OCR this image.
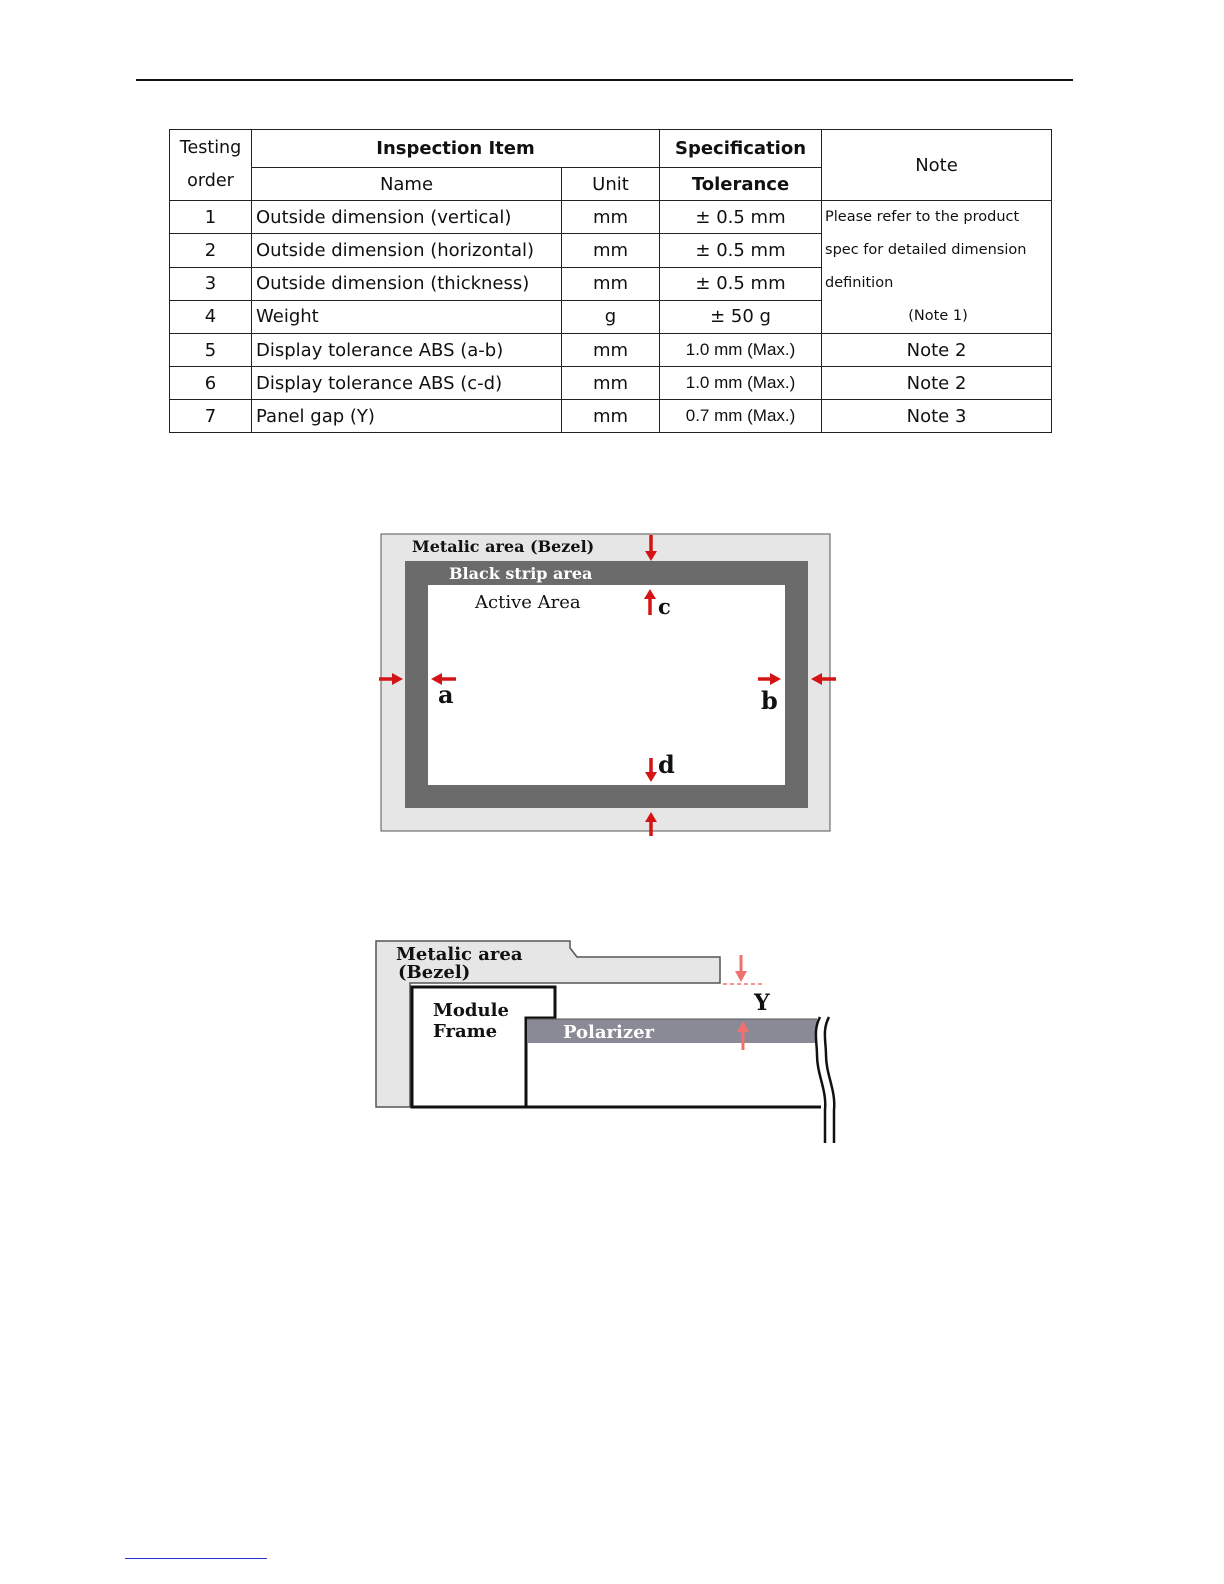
Testing
order	Inspection Item		Specification	Note
	Name	Unit	Tolerance	
1	Outside dimension (vertical)	mm	± 0.5 mm	Please refer to the product
spec for detailed dimension
definition
(Note 1)

2	Outside dimension (horizontal)	mm	± 0.5 mm	
3	Outside dimension (thickness)	mm	± 0.5 mm	
4	Weight	g	± 50 g	
5	Display tolerance ABS (a-b)	mm	1.0 mm (Max.)	Note 2
6	Display tolerance ABS (c-d)	mm	1.0 mm (Max.)	Note 2
7	Panel gap (Y)	mm	0.7 mm (Max.)	Note 3
Metalic area (Bezel)
Black strip area
Active Area
a	b
c
d
Metalic area
(Bezel)
Module
Frame	Polarizer
Y
